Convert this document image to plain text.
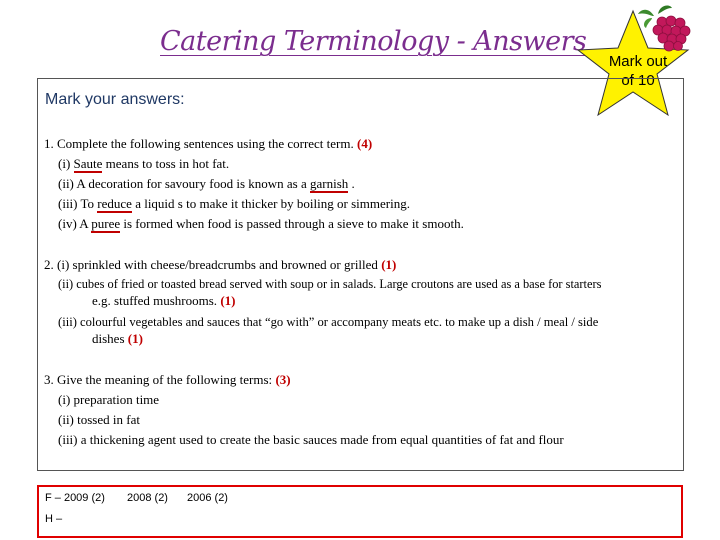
Catering Terminology - Answers
Mark out
of 10
Mark your answers:
1. Complete the following sentences using the correct term. (4)
(i) Saute means to toss in hot fat.
(ii) A decoration for savoury food is known as a garnish .
(iii) To reduce a liquid s to make it thicker by boiling or simmering.
(iv) A puree is formed when food is passed through a sieve to make it smooth.
2. (i) sprinkled with cheese/breadcrumbs and browned or grilled (1)
(ii) cubes of fried or toasted bread served with soup or in salads. Large croutons are used as a base for starters
e.g. stuffed mushrooms. (1)
(iii) colourful vegetables and sauces that “go with” or accompany meats etc. to make up a dish / meal / side
dishes (1)
3. Give the meaning of the following terms: (3)
(i) preparation time
(ii) tossed in fat
(iii) a thickening agent used to create the basic sauces made from equal quantities of fat and flour
F – 2009 (2) 2008 (2) 2006 (2)
H –
